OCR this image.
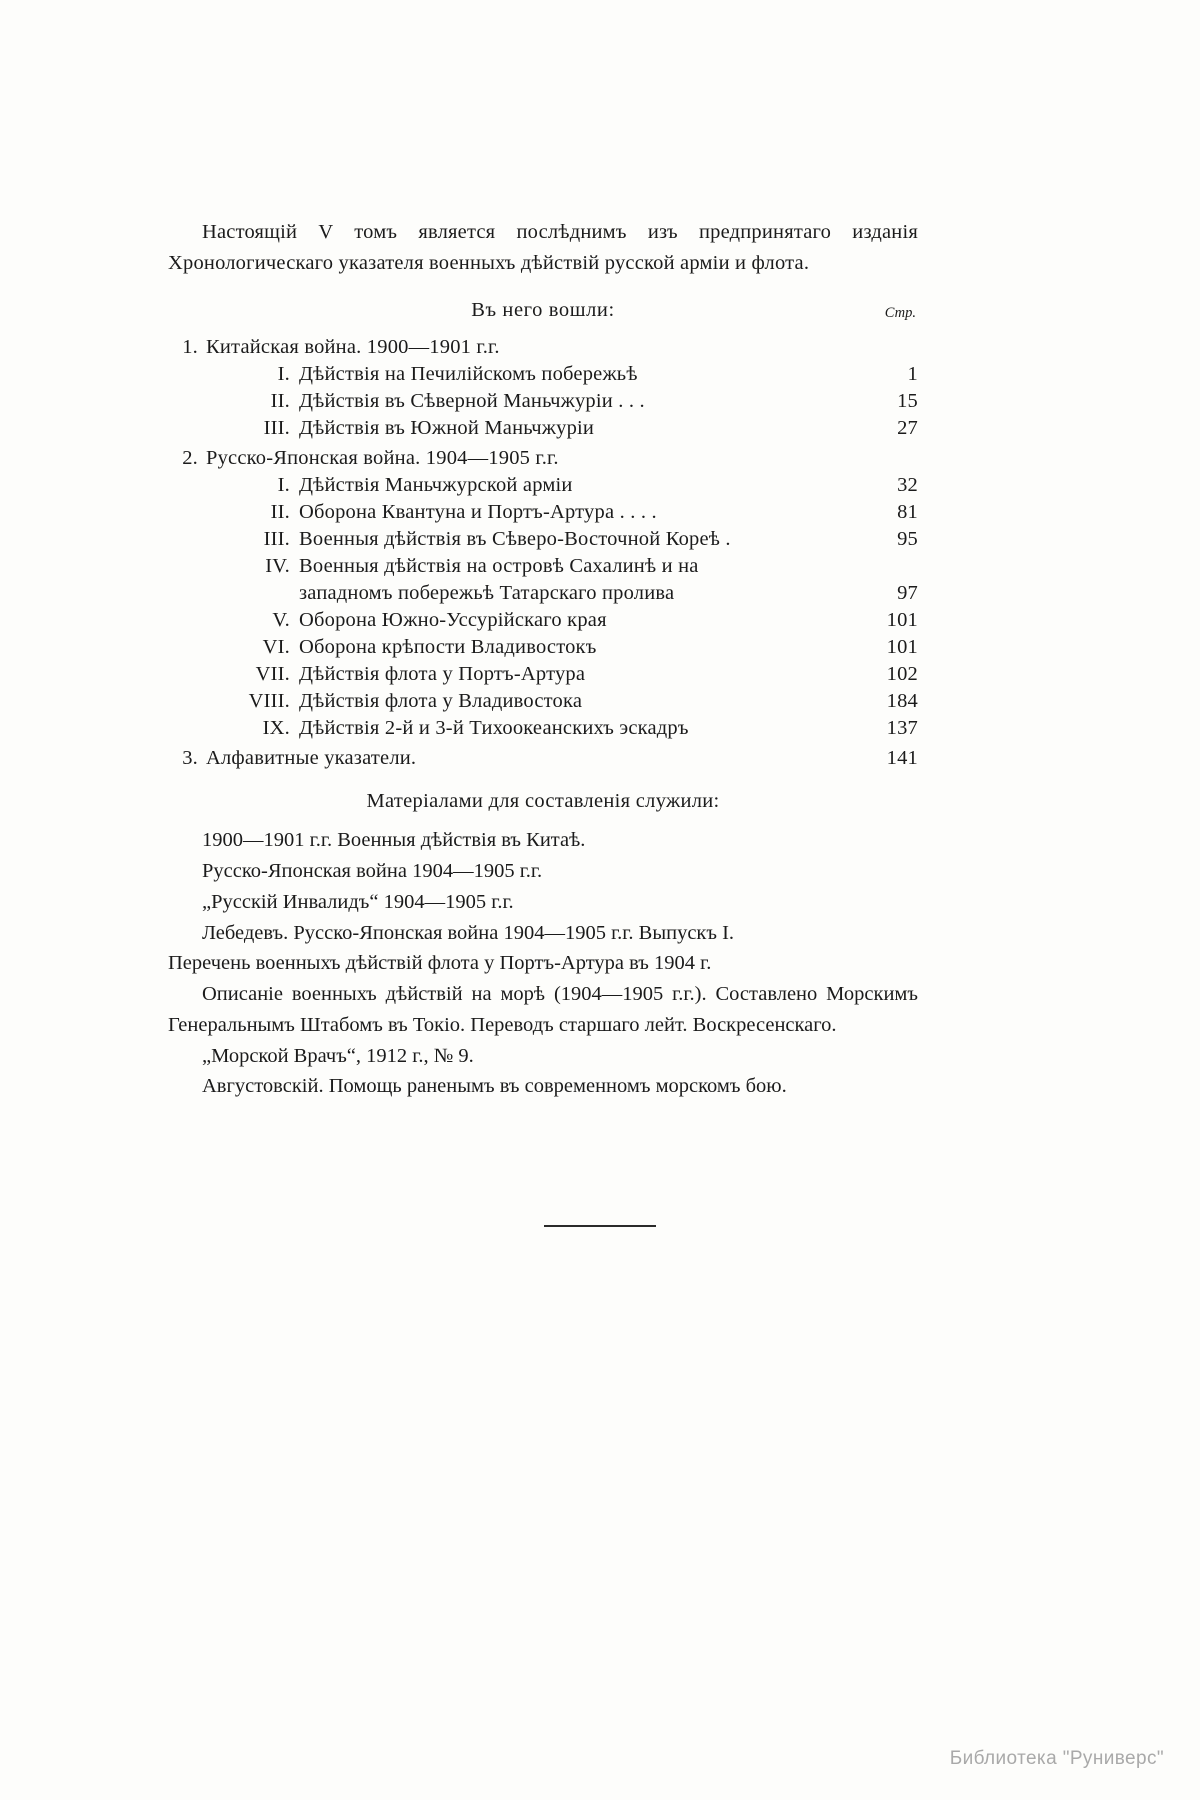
Настоящій V томъ является послѣднимъ изъ предпринятаго изданія Хронологическаго указателя военныхъ дѣйствій русской арміи и флота.

Въ него вошли:	Стр.
1. Китайская война. 1900—1901 г.г.
I. Дѣйствія на Печилійскомъ побережьѣ	1
II. Дѣйствія въ Сѣверной Маньчжуріи . . .	15
III. Дѣйствія въ Южной Маньчжуріи	27
2. Русско-Японская война. 1904—1905 г.г.
I. Дѣйствія Маньчжурской арміи	32
II. Оборона Квантуна и Портъ-Артура . . . .	81
III. Военныя дѣйствія въ Сѣверо-Восточной Кореѣ .	95
IV. Военныя дѣйствія на островѣ Сахалинѣ и на
западномъ побережьѣ Татарскаго пролива	97
V. Оборона Южно-Уссурійскаго края	101
VI. Оборона крѣпости Владивостокъ	101
VII. Дѣйствія флота у Портъ-Артура	102
VIII. Дѣйствія флота у Владивостока	184
IX. Дѣйствія 2-й и 3-й Тихоокеанскихъ эскадръ	137
3. Алфавитные указатели.	141
Матеріалами для составленія служили:

1900—1901 г.г. Военныя дѣйствія въ Китаѣ.

Русско-Японская война 1904—1905 г.г.

„Русскій Инвалидъ“ 1904—1905 г.г.

Лебедевъ. Русско-Японская война 1904—1905 г.г. Выпускъ I.

Перечень военныхъ дѣйствій флота у Портъ-Артура въ 1904 г.

Описаніе военныхъ дѣйствій на морѣ (1904—1905 г.г.). Составлено Морскимъ Генеральнымъ Штабомъ въ Токіо. Переводъ старшаго лейт. Воскресенскаго.

„Морской Врачъ“, 1912 г., № 9.

Августовскій. Помощь раненымъ въ современномъ морскомъ бою.

Библиотека "Руниверс"
